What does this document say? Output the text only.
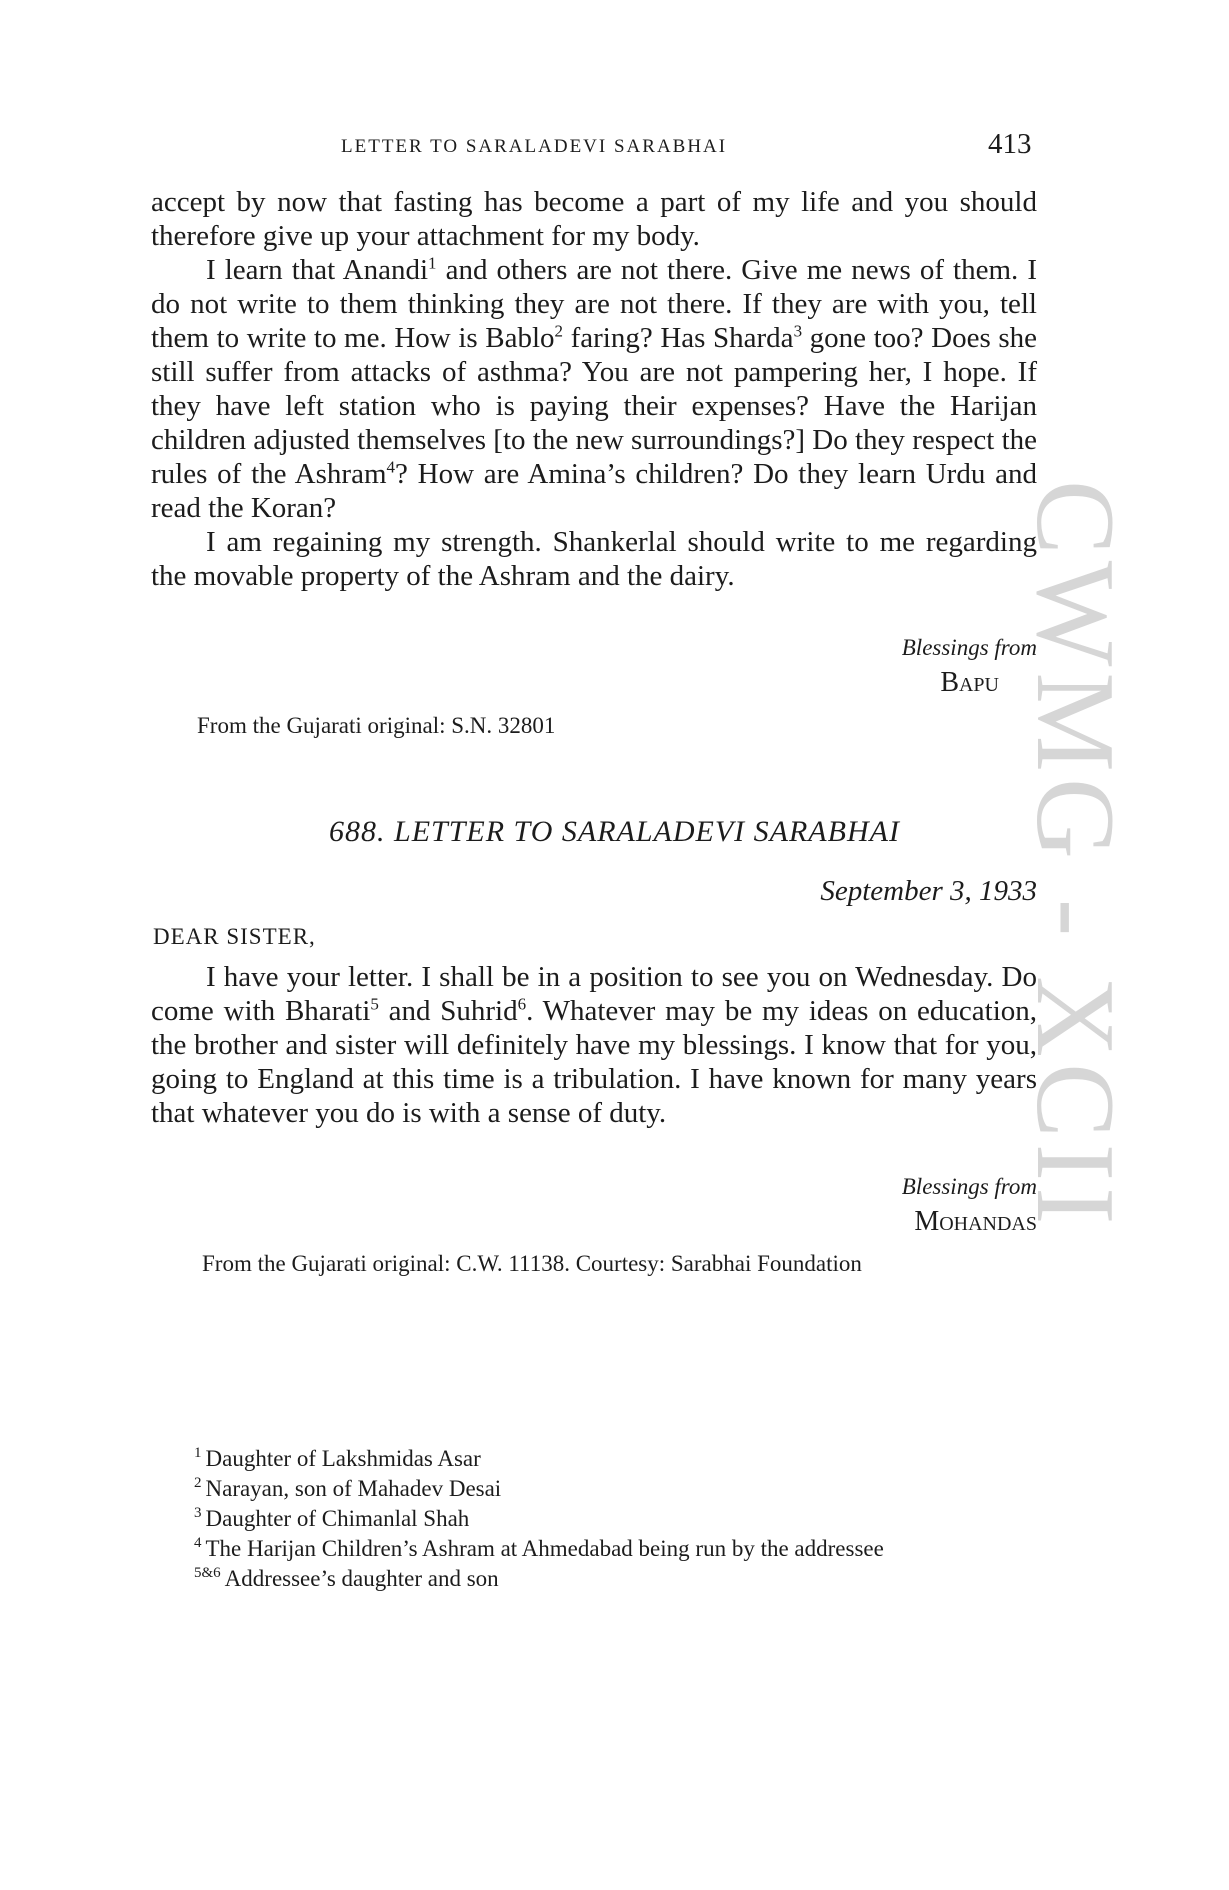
CWMG - XCII
LETTER TO SARALADEVI SARABHAI	413

accept by now that fasting has become a part of my life and you should therefore give up your attachment for my body.

I learn that Anandi$^1$ and others are not there. Give me news of them. I do not write to them thinking they are not there. If they are with you, tell them to write to me. How is Bablo$^2$ faring? Has Sharda$^3$ gone too? Does she still suffer from attacks of asthma? You are not pampering her, I hope. If they have left station who is paying their expenses? Have the Harijan children adjusted themselves [to the new surroundings?] Do they respect the rules of the Ashram$^4$? How are Amina’s children? Do they learn Urdu and read the Koran?

I am regaining my strength. Shankerlal should write to me regarding the movable property of the Ashram and the dairy.

Blessings from
Bapu
From the Gujarati original: S.N. 32801
688. LETTER TO SARALADEVI SARABHAI
September 3, 1933
DEAR SISTER,

I have your letter. I shall be in a position to see you on Wednesday. Do come with Bharati$^5$ and Suhrid$^6$. Whatever may be my ideas on education, the brother and sister will definitely have my blessings. I know that for you, going to England at this time is a tribulation. I have known for many years that whatever you do is with a sense of duty.

Blessings from
Mohandas
From the Gujarati original: C.W. 11138. Courtesy: Sarabhai Foundation

$^1$ Daughter of Lakshmidas Asar

$^2$ Narayan, son of Mahadev Desai

$^3$ Daughter of Chimanlal Shah

$^4$ The Harijan Children’s Ashram at Ahmedabad being run by the addressee

$^{5\&6}$ Addressee’s daughter and son
